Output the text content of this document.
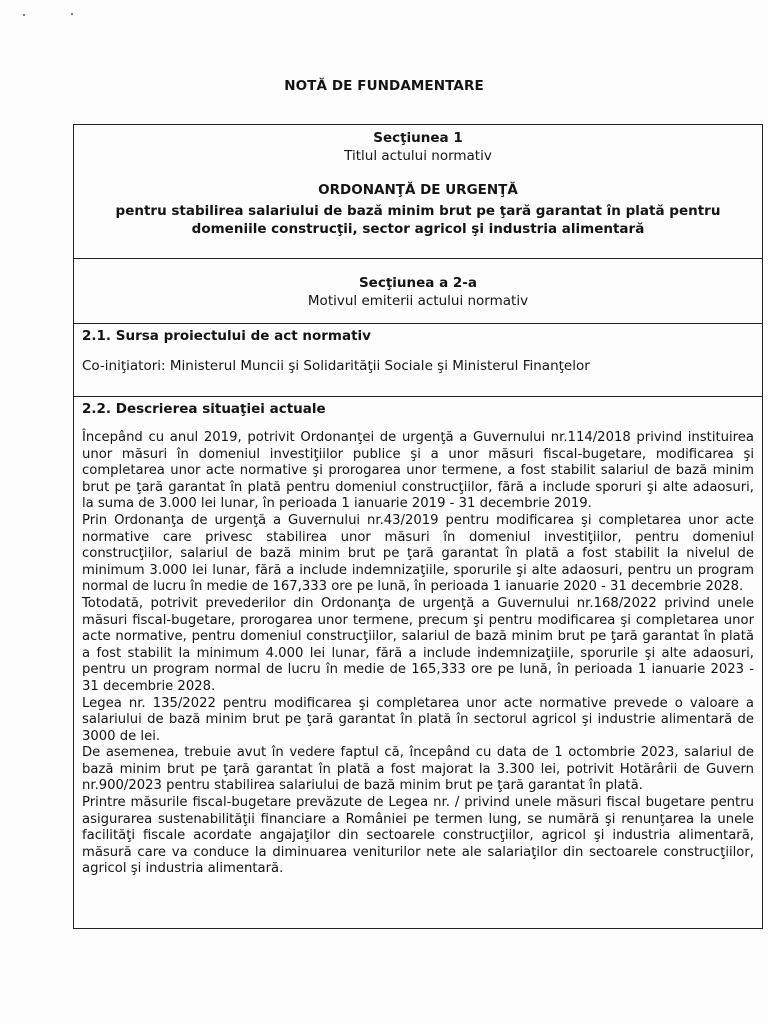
NOTĂ DE FUNDAMENTARE
Secţiunea 1
Titlul actului normativ
ORDONANŢĂ DE URGENŢĂ
pentru stabilirea salariului de bază minim brut pe ţară garantat în plată pentru domeniile construcţii, sector agricol şi industria alimentară
Secţiunea a 2-a
Motivul emiterii actului normativ
2.1. Sursa proiectului de act normativ
Co-iniţiatori: Ministerul Muncii şi Solidarităţii Sociale şi Ministerul Finanţelor
2.2. Descrierea situaţiei actuale

Începând cu anul 2019, potrivit Ordonanţei de urgenţă a Guvernului nr.114/2018 privind instituirea unor măsuri în domeniul investiţiilor publice şi a unor măsuri fiscal-bugetare, modificarea şi completarea unor acte normative şi prorogarea unor termene, a fost stabilit salariul de bază minim brut pe ţară garantat în plată pentru domeniul construcţiilor, fără a include sporuri şi alte adaosuri, la suma de 3.000 lei lunar, în perioada 1 ianuarie 2019 - 31 decembrie 2019.

Prin Ordonanţa de urgenţă a Guvernului nr.43/2019 pentru modificarea şi completarea unor acte normative care privesc stabilirea unor măsuri în domeniul investiţiilor, pentru domeniul construcţiilor, salariul de bază minim brut pe ţară garantat în plată a fost stabilit la nivelul de minimum 3.000 lei lunar, fără a include indemnizaţiile, sporurile şi alte adaosuri, pentru un program normal de lucru în medie de 167,333 ore pe lună, în perioada 1 ianuarie 2020 - 31 decembrie 2028.

Totodată, potrivit prevederilor din Ordonanţa de urgenţă a Guvernului nr.168/2022 privind unele măsuri fiscal-bugetare, prorogarea unor termene, precum şi pentru modificarea şi completarea unor acte normative, pentru domeniul construcţiilor, salariul de bază minim brut pe ţară garantat în plată a fost stabilit la minimum 4.000 lei lunar, fără a include indemnizaţiile, sporurile şi alte adaosuri, pentru un program normal de lucru în medie de 165,333 ore pe lună, în perioada 1 ianuarie 2023 - 31 decembrie 2028.

Legea nr. 135/2022 pentru modificarea şi completarea unor acte normative prevede o valoare a salariului de bază minim brut pe ţară garantat în plată în sectorul agricol şi industrie alimentară de 3000 de lei.

De asemenea, trebuie avut în vedere faptul că, începând cu data de 1 octombrie 2023, salariul de bază minim brut pe ţară garantat în plată a fost majorat la 3.300 lei, potrivit Hotărârii de Guvern nr.900/2023 pentru stabilirea salariului de bază minim brut pe ţară garantat în plată.

Printre măsurile fiscal-bugetare prevăzute de Legea nr. / privind unele măsuri fiscal bugetare pentru asigurarea sustenabilităţii financiare a României pe termen lung, se numără şi renunţarea la unele facilităţi fiscale acordate angajaţilor din sectoarele construcţiilor, agricol şi industria alimentară, măsură care va conduce la diminuarea veniturilor nete ale salariaţilor din sectoarele construcţiilor, agricol şi industria alimentară.
